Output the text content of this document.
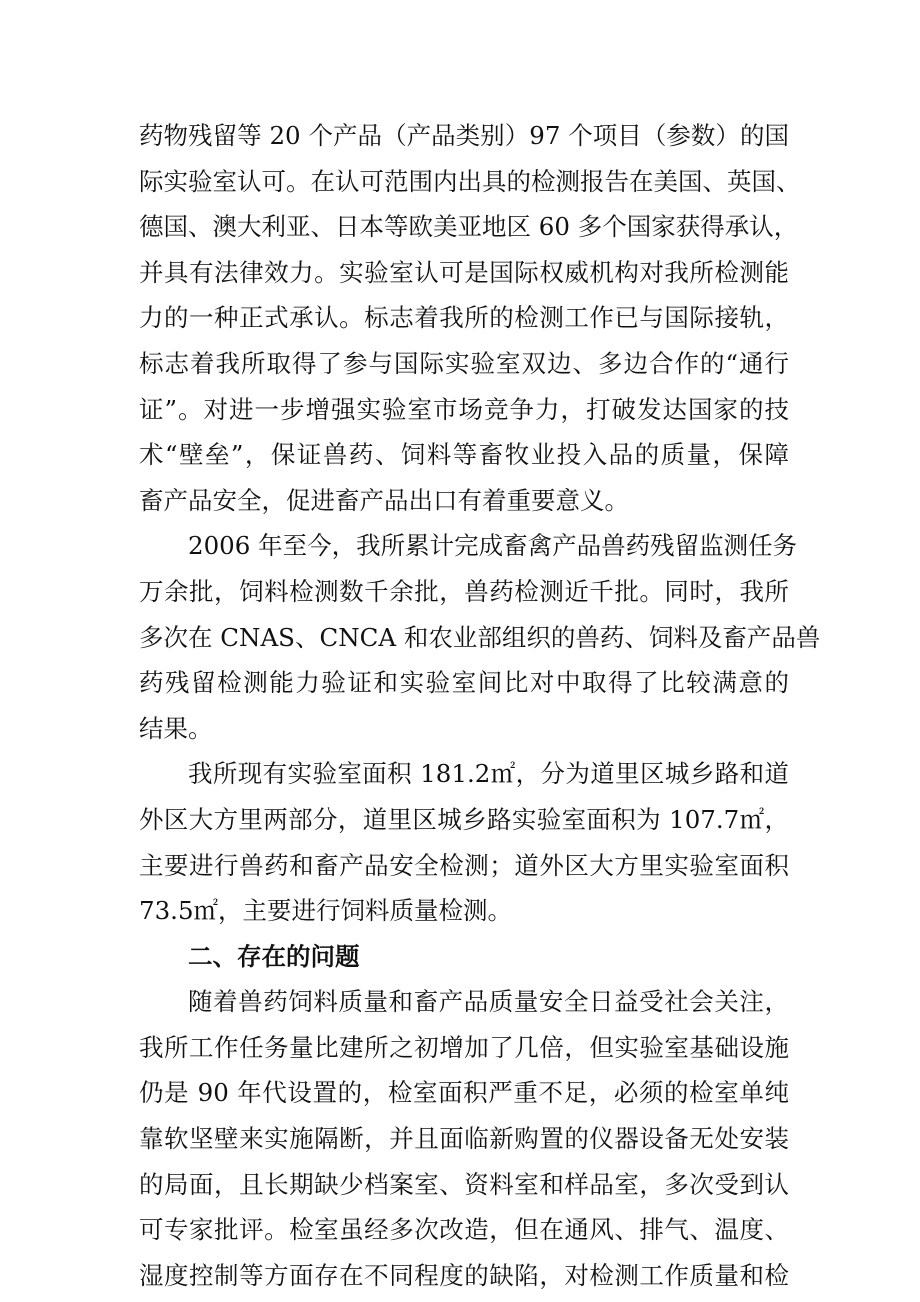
药物残留等 20 个产品（产品类别）97 个项目（参数）的国
际实验室认可。在认可范围内出具的检测报告在美国、英国、
德国、澳大利亚、日本等欧美亚地区 60 多个国家获得承认，
并具有法律效力。实验室认可是国际权威机构对我所检测能
力的一种正式承认。标志着我所的检测工作已与国际接轨，
标志着我所取得了参与国际实验室双边、多边合作的“通行
证”。对进一步增强实验室市场竞争力，打破发达国家的技
术“壁垒”，保证兽药、饲料等畜牧业投入品的质量，保障
畜产品安全，促进畜产品出口有着重要意义。
2006 年至今，我所累计完成畜禽产品兽药残留监测任务
万余批，饲料检测数千余批，兽药检测近千批。同时，我所
多次在 CNAS、CNCA 和农业部组织的兽药、饲料及畜产品兽
药残留检测能力验证和实验室间比对中取得了比较满意的
结果。
我所现有实验室面积 181.2㎡，分为道里区城乡路和道
外区大方里两部分，道里区城乡路实验室面积为 107.7㎡，
主要进行兽药和畜产品安全检测；道外区大方里实验室面积
73.5㎡，主要进行饲料质量检测。
二、存在的问题
随着兽药饲料质量和畜产品质量安全日益受社会关注，
我所工作任务量比建所之初增加了几倍，但实验室基础设施
仍是 90 年代设置的，检室面积严重不足，必须的检室单纯
靠软坚壁来实施隔断，并且面临新购置的仪器设备无处安装
的局面，且长期缺少档案室、资料室和样品室，多次受到认
可专家批评。检室虽经多次改造，但在通风、排气、温度、
湿度控制等方面存在不同程度的缺陷，对检测工作质量和检
